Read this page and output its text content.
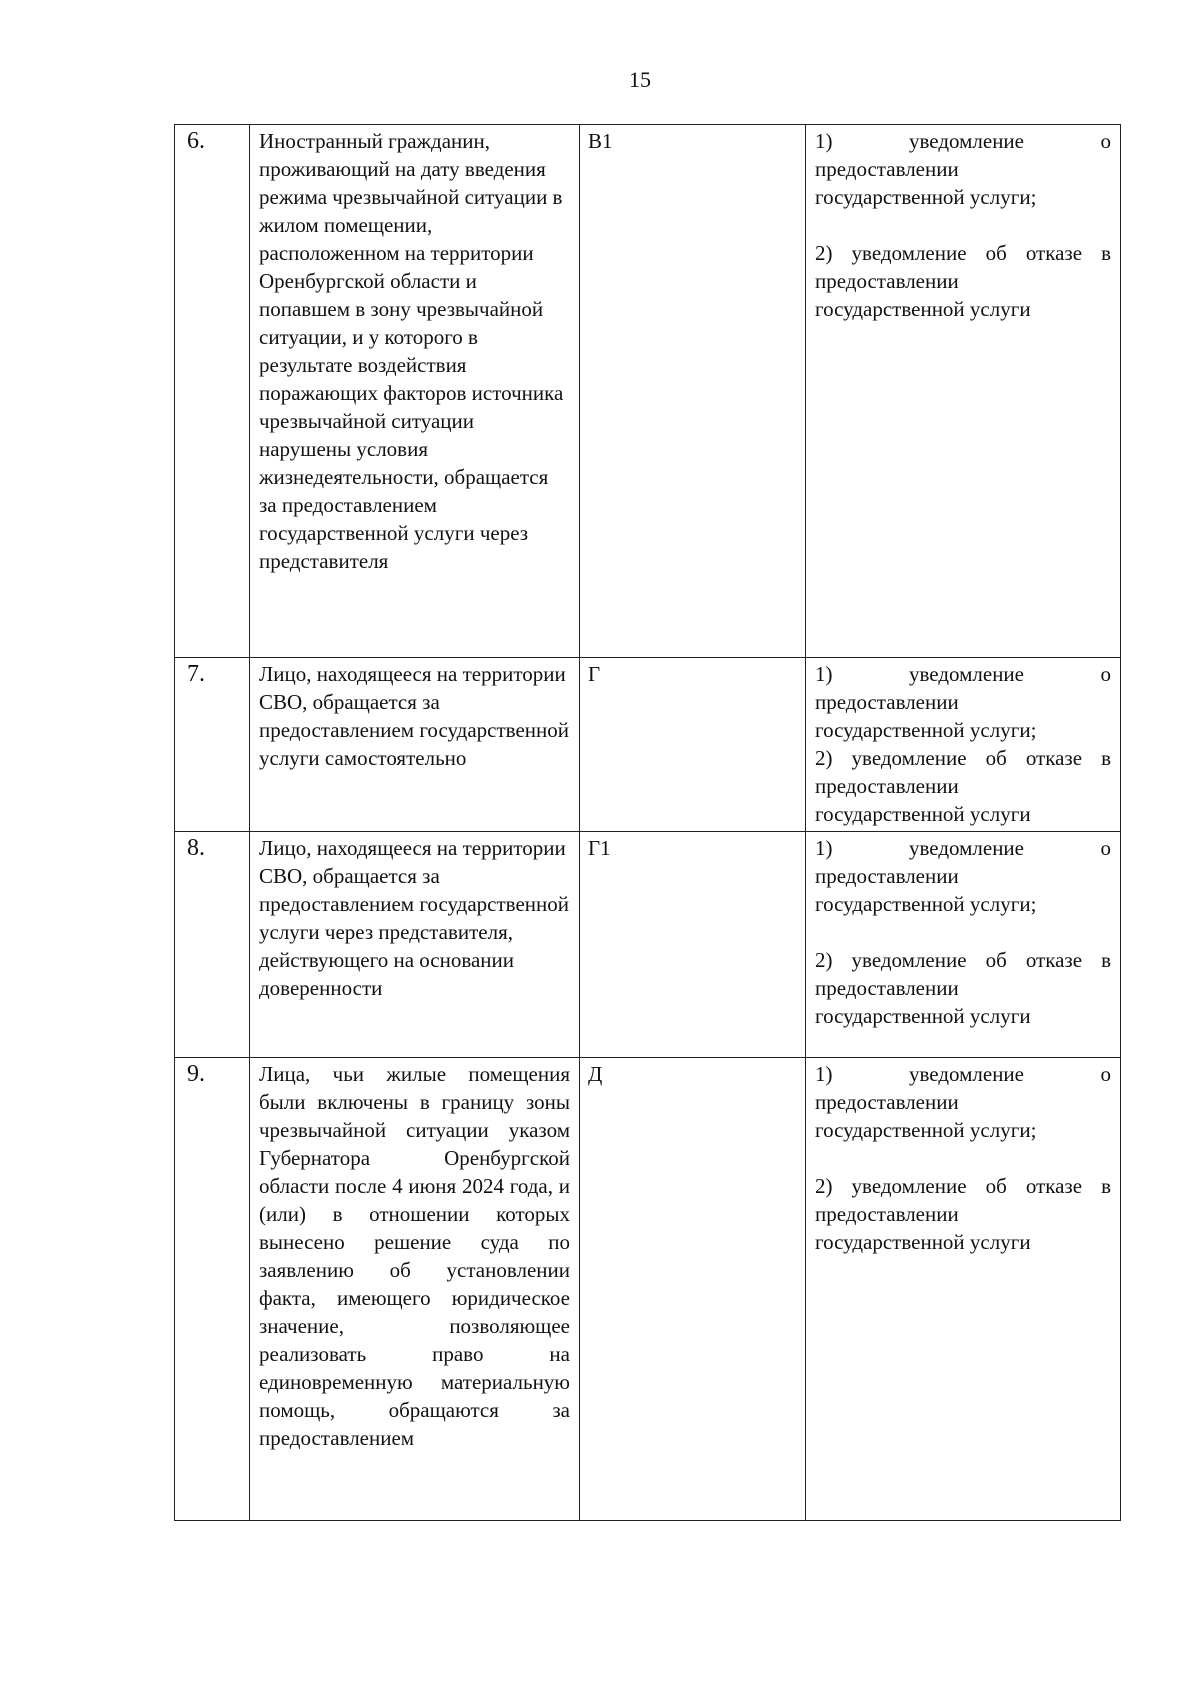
15
6.	Иностранный гражданин, проживающий на дату введения режима чрезвычайной ситуации в жилом помещении, расположенном на территории Оренбургской области и попавшем в зону чрезвычайной ситуации, и у которого в результате воздействия поражающих факторов источника чрезвычайной ситуации нарушены условия жизнедеятельности, обращается за предоставлением государственной услуги через представителя	В1	1) уведомление о предоставлении государственной услуги;
2) уведомление об отказе в предоставлении государственной услуги

7.	Лицо, находящееся на территории СВО, обращается за предоставлением государственной услуги самостоятельно	Г	1) уведомление о предоставлении государственной услуги;
2) уведомление об отказе в предоставлении государственной услуги

8.	Лицо, находящееся на территории СВО, обращается за предоставлением государственной услуги через представителя, действующего на основании доверенности	Г1	1) уведомление о предоставлении государственной услуги;
2) уведомление об отказе в предоставлении государственной услуги

9.	Лица, чьи жилые помещения были включены в границу зоны чрезвычайной ситуации указом Губернатора Оренбургской области после 4 июня 2024 года, и (или) в отношении которых вынесено решение суда по заявлению об установлении факта, имеющего юридическое значение, позволяющее реализовать право на единовременную материальную помощь, обращаются за предоставлением	Д	1) уведомление о предоставлении государственной услуги;
2) уведомление об отказе в предоставлении государственной услуги
